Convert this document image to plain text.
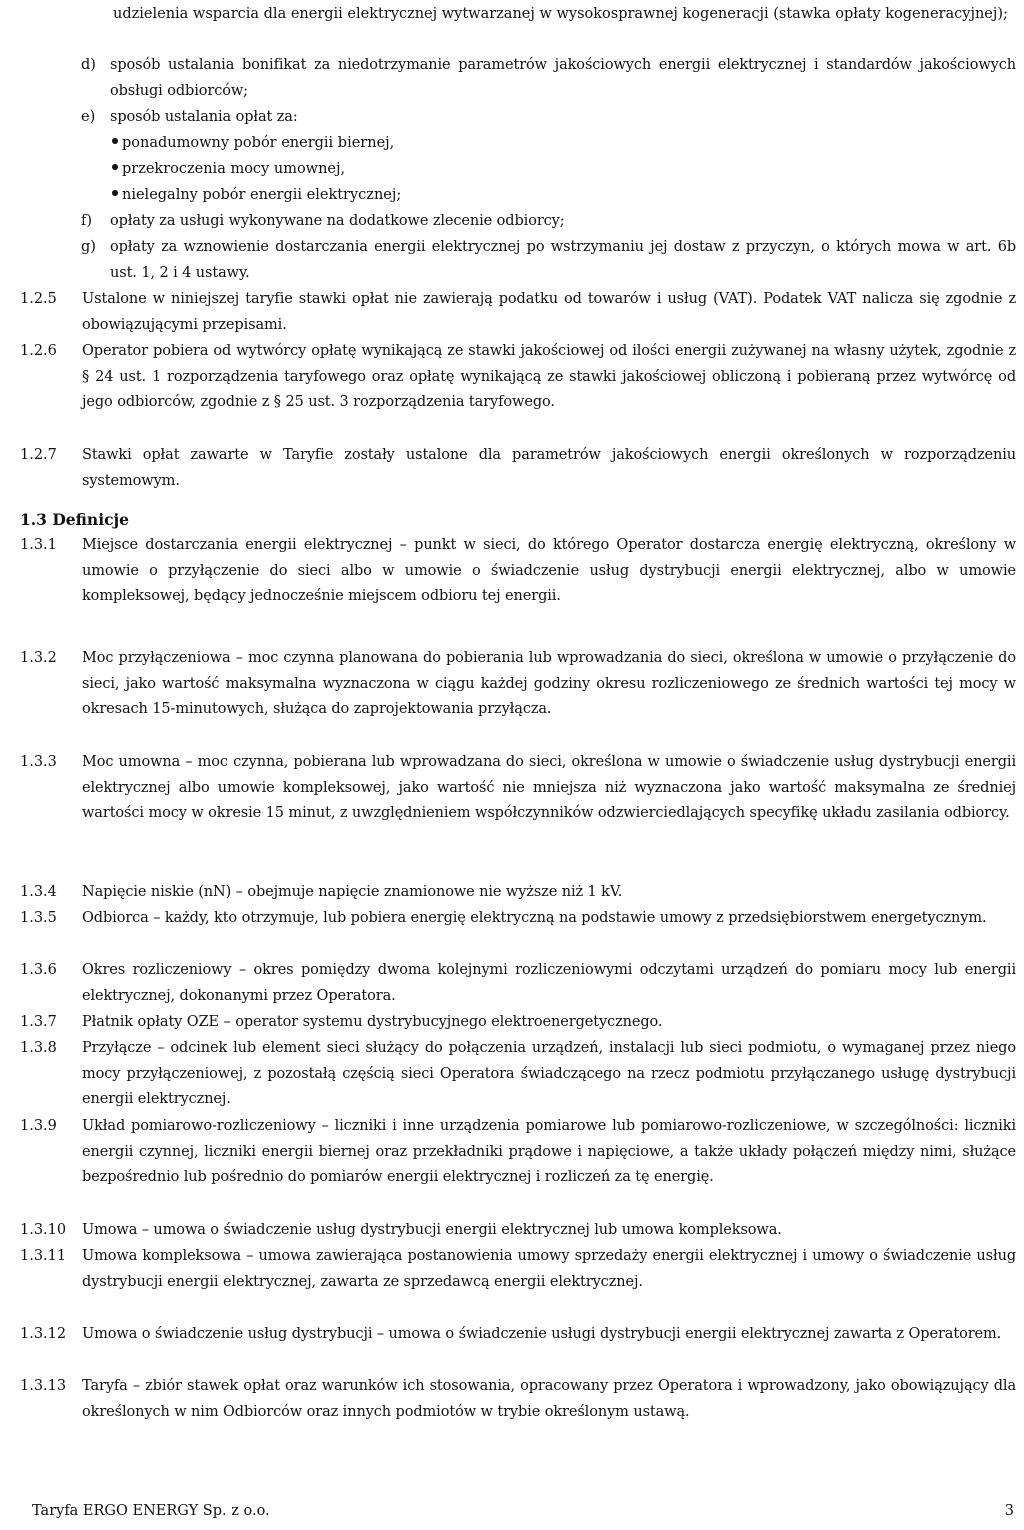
udzielenia wsparcia dla energii elektrycznej wytwarzanej w wysokosprawnej kogeneracji (stawka opłaty kogeneracyjnej);
d) sposób ustalania bonifikat za niedotrzymanie parametrów jakościowych energii elektrycznej i standardów jakościowych obsługi odbiorców;
e) sposób ustalania opłat za:
ponadumowny pobór energii biernej,
przekroczenia mocy umownej,
nielegalny pobór energii elektrycznej;
f) opłaty za usługi wykonywane na dodatkowe zlecenie odbiorcy;
g) opłaty za wznowienie dostarczania energii elektrycznej po wstrzymaniu jej dostaw z przyczyn, o których mowa w art. 6b ust. 1, 2 i 4 ustawy.
1.2.5 Ustalone w niniejszej taryfie stawki opłat nie zawierają podatku od towarów i usług (VAT). Podatek VAT nalicza się zgodnie z obowiązującymi przepisami.
1.2.6 Operator pobiera od wytwórcy opłatę wynikającą ze stawki jakościowej od ilości energii zużywanej na własny użytek, zgodnie z § 24 ust. 1 rozporządzenia taryfowego oraz opłatę wynikającą ze stawki jakościowej obliczoną i pobieraną przez wytwórcę od jego odbiorców, zgodnie z § 25 ust. 3 rozporządzenia taryfowego.
1.2.7 Stawki opłat zawarte w Taryfie zostały ustalone dla parametrów jakościowych energii określonych w rozporządzeniu systemowym.
1.3 Definicje
1.3.1 Miejsce dostarczania energii elektrycznej – punkt w sieci, do którego Operator dostarcza energię elektryczną, określony w umowie o przyłączenie do sieci albo w umowie o świadczenie usług dystrybucji energii elektrycznej, albo w umowie kompleksowej, będący jednocześnie miejscem odbioru tej energii.
1.3.2 Moc przyłączeniowa – moc czynna planowana do pobierania lub wprowadzania do sieci, określona w umowie o przyłączenie do sieci, jako wartość maksymalna wyznaczona w ciągu każdej godziny okresu rozliczeniowego ze średnich wartości tej mocy w okresach 15-minutowych, służąca do zaprojektowania przyłącza.
1.3.3 Moc umowna – moc czynna, pobierana lub wprowadzana do sieci, określona w umowie o świadczenie usług dystrybucji energii elektrycznej albo umowie kompleksowej, jako wartość nie mniejsza niż wyznaczona jako wartość maksymalna ze średniej wartości mocy w okresie 15 minut, z uwzględnieniem współczynników odzwierciedlających specyfikę układu zasilania odbiorcy.
1.3.4 Napięcie niskie (nN) – obejmuje napięcie znamionowe nie wyższe niż 1 kV.
1.3.5 Odbiorca – każdy, kto otrzymuje, lub pobiera energię elektryczną na podstawie umowy z przedsiębiorstwem energetycznym.
1.3.6 Okres rozliczeniowy – okres pomiędzy dwoma kolejnymi rozliczeniowymi odczytami urządzeń do pomiaru mocy lub energii elektrycznej, dokonanymi przez Operatora.
1.3.7 Płatnik opłaty OZE – operator systemu dystrybucyjnego elektroenergetycznego.
1.3.8 Przyłącze – odcinek lub element sieci służący do połączenia urządzeń, instalacji lub sieci podmiotu, o wymaganej przez niego mocy przyłączeniowej, z pozostałą częścią sieci Operatora świadczącego na rzecz podmiotu przyłączanego usługę dystrybucji energii elektrycznej.
1.3.9 Układ pomiarowo-rozliczeniowy – liczniki i inne urządzenia pomiarowe lub pomiarowo-rozliczeniowe, w szczególności: liczniki energii czynnej, liczniki energii biernej oraz przekładniki prądowe i napięciowe, a także układy połączeń między nimi, służące bezpośrednio lub pośrednio do pomiarów energii elektrycznej i rozliczeń za tę energię.
1.3.10 Umowa – umowa o świadczenie usług dystrybucji energii elektrycznej lub umowa kompleksowa.
1.3.11 Umowa kompleksowa – umowa zawierająca postanowienia umowy sprzedaży energii elektrycznej i umowy o świadczenie usług dystrybucji energii elektrycznej, zawarta ze sprzedawcą energii elektrycznej.
1.3.12 Umowa o świadczenie usług dystrybucji – umowa o świadczenie usługi dystrybucji energii elektrycznej zawarta z Operatorem.
1.3.13 Taryfa – zbiór stawek opłat oraz warunków ich stosowania, opracowany przez Operatora i wprowadzony, jako obowiązujący dla określonych w nim Odbiorców oraz innych podmiotów w trybie określonym ustawą.
Taryfa ERGO ENERGY Sp. z o.o.	3
